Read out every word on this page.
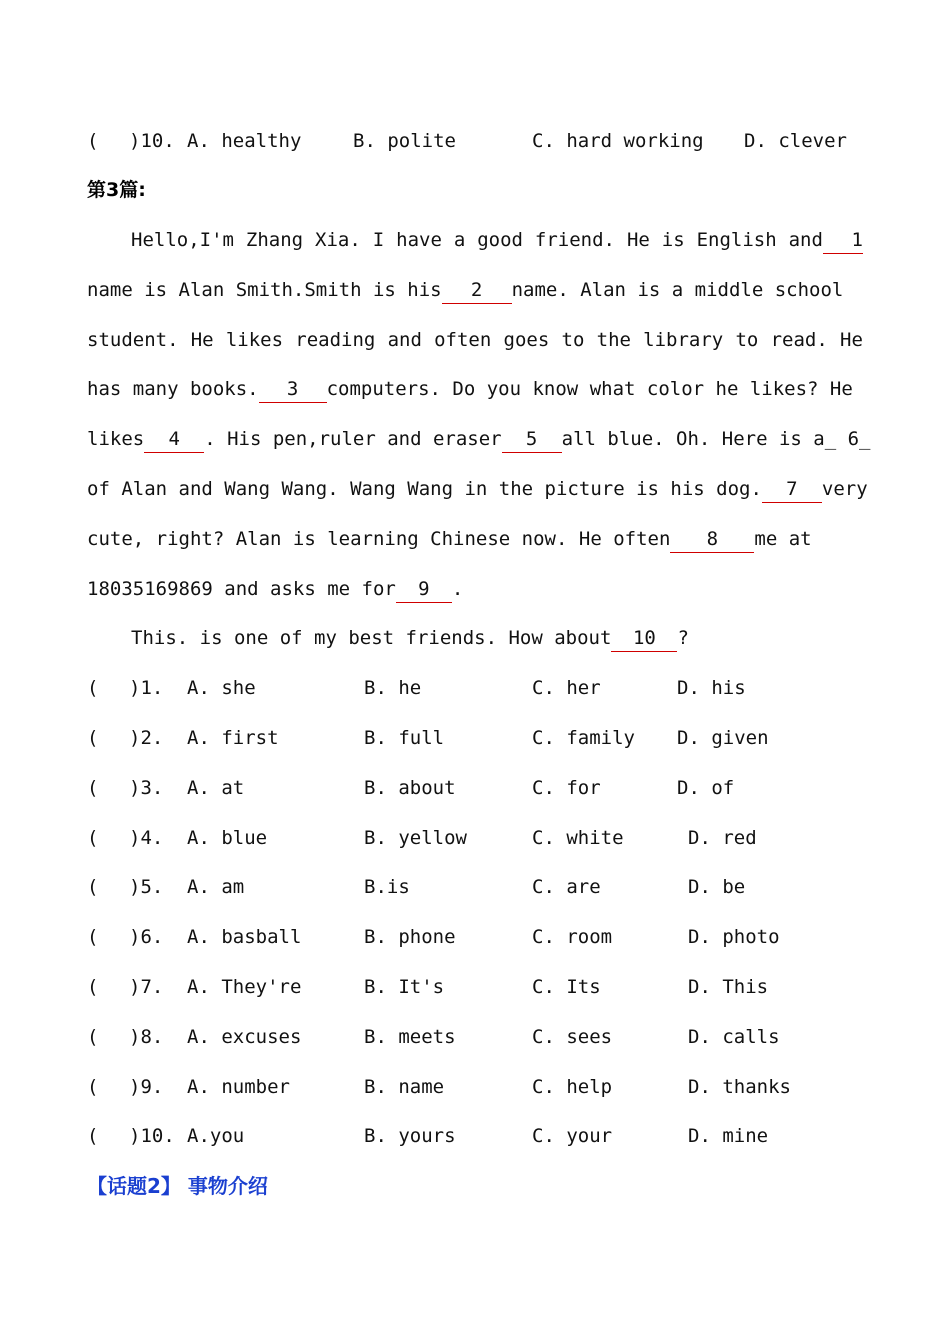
( )10. A. healthy	B. polite	C. hard working D. clever
第3篇:
Hello,I'm Zhang Xia. I have a good friend. He is English and 1
name is Alan Smith.Smith is his 2 name. Alan is a middle school
student. He likes reading and often goes to the library to read. He
has many books. 3 computers. Do you know what color he likes? He
likes 4 . His pen,ruler and eraser 5 all blue. Oh. Here is a_ 6_
of Alan and Wang Wang. Wang Wang in the picture is his dog. 7 very
cute, right? Alan is learning Chinese now. He often 8 me at
18035169869 and asks me for 9 .
This. is one of my best friends. How about 10 ?
( )1. A. she	B. he	C. her	D. his
( )2. A. first	B. full	C. family D. given
( )3. A. at	B. about	C. for	D. of
( )4. A. blue	B. yellow	C. white	D. red
( )5. A. am	B.is	C. are	D. be
( )6. A. basball	B. phone	C. room	D. photo
( )7. A. They're	B. It's	C. Its	D. This
( )8. A. excuses	B. meets	C. sees	D. calls
( )9. A. number	B. name	C. help	D. thanks
( )10. A.you	B. yours	C. your	D. mine
【话题2】 事物介绍
